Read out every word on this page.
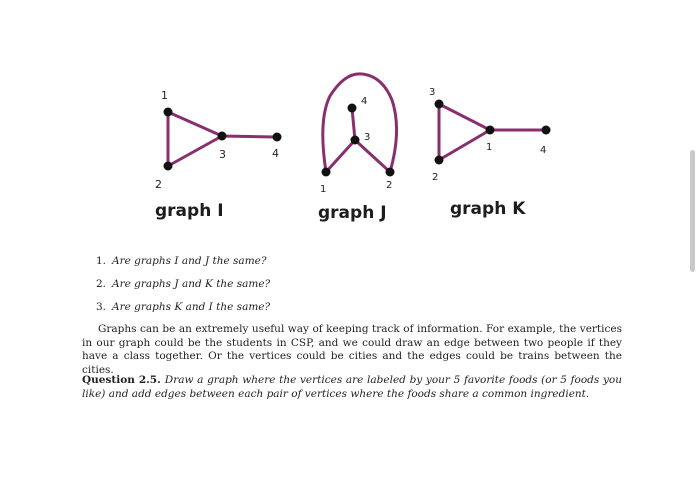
1
2
3	4
graph I
1	2
3
4
graph J
1
2
3
4
graph K
1. Are graphs I and J the same?
2. Are graphs J and K the same?
3. Are graphs K and I the same?

Graphs can be an extremely useful way of keeping track of information. For example, the vertices in our graph could be the students in CSP, and we could draw an edge between two people if they have a class together. Or the vertices could be cities and the edges could be trains between the cities.

Question 2.5. Draw a graph where the vertices are labeled by your 5 favorite foods (or 5 foods you like) and add edges between each pair of vertices where the foods share a common ingredient.
